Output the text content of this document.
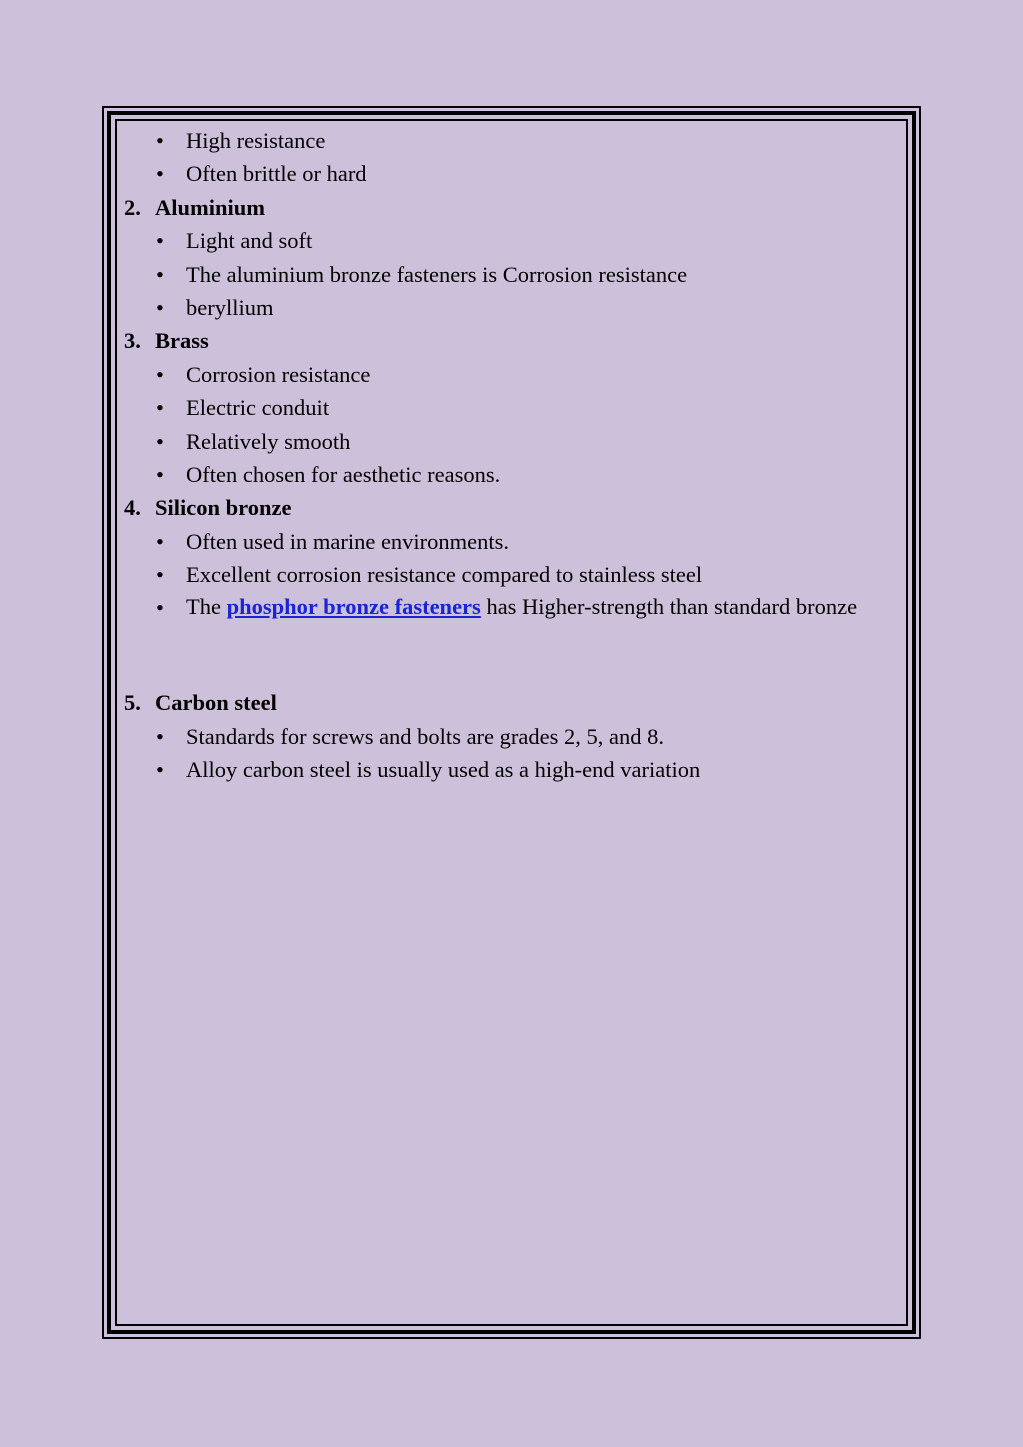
• High resistance
• Often brittle or hard
2. Aluminium
• Light and soft
• The aluminium bronze fasteners is Corrosion resistance
• beryllium
3. Brass
• Corrosion resistance
• Electric conduit
• Relatively smooth
• Often chosen for aesthetic reasons.
4. Silicon bronze
• Often used in marine environments.
• Excellent corrosion resistance compared to stainless steel
• The phosphor bronze fasteners has Higher-strength than standard bronze
5. Carbon steel
• Standards for screws and bolts are grades 2, 5, and 8.
• Alloy carbon steel is usually used as a high-end variation
